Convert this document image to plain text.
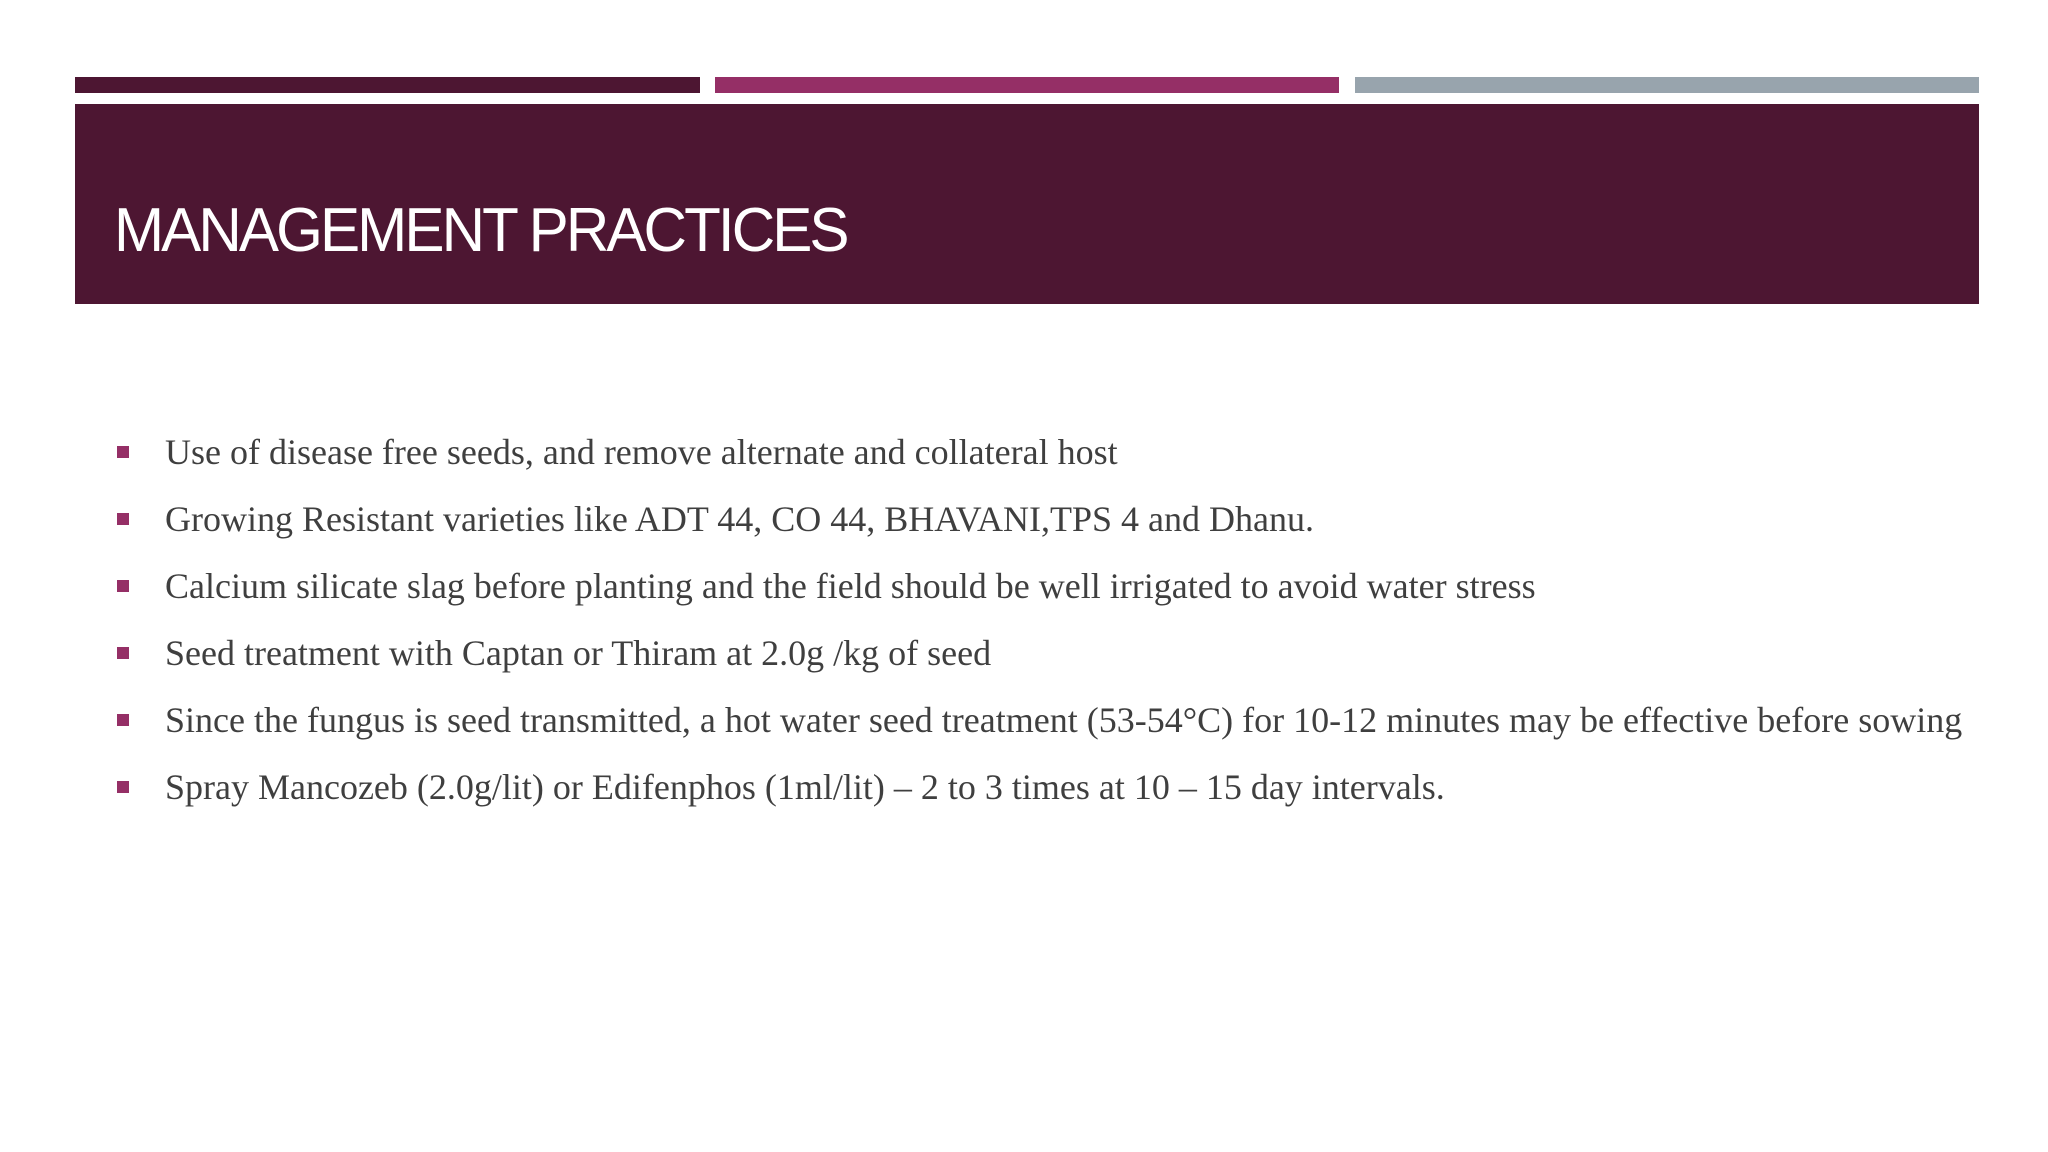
MANAGEMENT PRACTICES
Use of disease free seeds, and remove alternate and collateral host
Growing Resistant varieties like ADT 44, CO 44, BHAVANI,TPS 4 and Dhanu.
Calcium silicate slag before planting and the field should be well irrigated to avoid water stress
Seed treatment with Captan or Thiram at 2.0g /kg of seed
Since the fungus is seed transmitted, a hot water seed treatment (53-54°C) for 10-12 minutes may be effective before sowing
Spray Mancozeb (2.0g/lit) or Edifenphos (1ml/lit) – 2 to 3 times at 10 – 15 day intervals.
